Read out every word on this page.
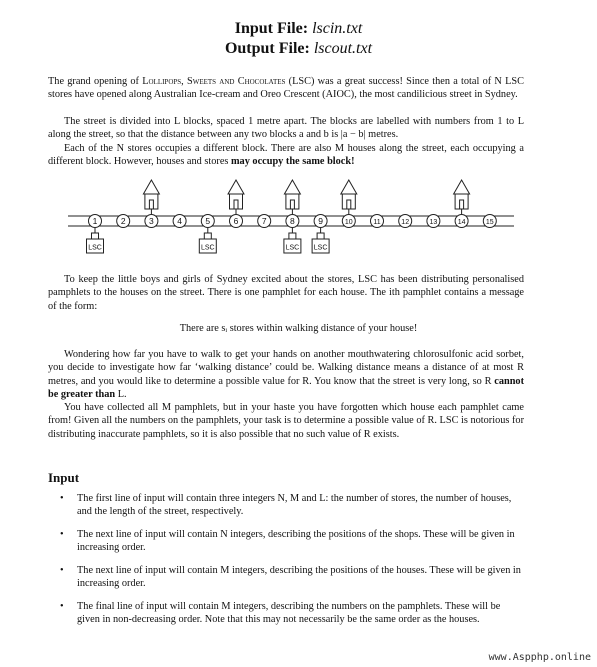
Input File: lscin.txt
Output File: lscout.txt

The grand opening of Lollipops, Sweets and Chocolates (LSC) was a great success! Since then a total of N LSC stores have opened along Australian Ice-cream and Oreo Crescent (AIOC), the most candilicious street in Sydney.

The street is divided into L blocks, spaced 1 metre apart. The blocks are labelled with numbers from 1 to L along the street, so that the distance between any two blocks a and b is |a − b| metres.

Each of the N stores occupies a different block. There are also M houses along the street, each occupying a different block. However, houses and stores may occupy the same block!

1	2	3	4	5	6	7	8	9	10	11	12	13	14	15
LSC	LSC	LSC LSC

To keep the little boys and girls of Sydney excited about the stores, LSC has been distributing personalised pamphlets to the houses on the street. There is one pamphlet for each house. The ith pamphlet contains a message of the form:

There are sᵢ stores within walking distance of your house!

Wondering how far you have to walk to get your hands on another mouthwatering chlorosulfonic acid sorbet, you decide to investigate how far ‘walking distance’ could be. Walking distance means a distance of at most R metres, and you would like to determine a possible value for R. You know that the street is very long, so R cannot be greater than L.

You have collected all M pamphlets, but in your haste you have forgotten which house each pamphlet came from! Given all the numbers on the pamphlets, your task is to determine a possible value of R. LSC is notorious for distributing inaccurate pamphlets, so it is also possible that no such value of R exists.

Input
•	The first line of input will contain three integers N, M and L: the number of stores, the number of houses, and the length of the street, respectively.
•	The next line of input will contain N integers, describing the positions of the shops. These will be given in increasing order.
•	The next line of input will contain M integers, describing the positions of the houses. These will be given in increasing order.
•	The final line of input will contain M integers, describing the numbers on the pamphlets. These will be given in non-decreasing order. Note that this may not necessarily be the same order as the houses.
www.Aspphp.online
